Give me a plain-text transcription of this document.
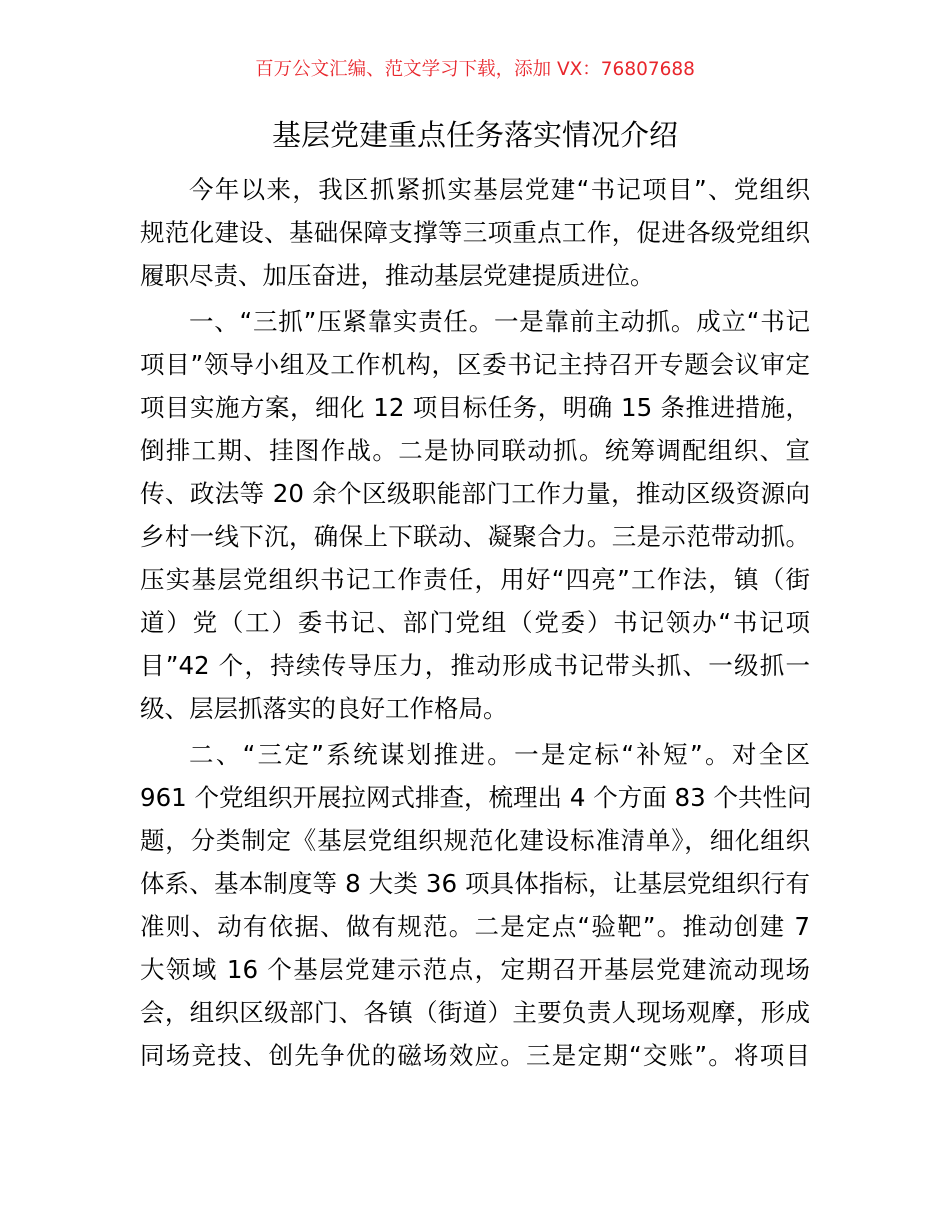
百万公文汇编、范文学习下载，添加 VX：76807688
基层党建重点任务落实情况介绍
今年以来，我区抓紧抓实基层党建“书记项目”、党组织
规范化建设、基础保障支撑等三项重点工作，促进各级党组织
履职尽责、加压奋进，推动基层党建提质进位。
一、“三抓”压紧靠实责任。一是靠前主动抓。成立“书记
项目”领导小组及工作机构，区委书记主持召开专题会议审定
项目实施方案，细化 12 项目标任务，明确 15 条推进措施，
倒排工期、挂图作战。二是协同联动抓。统筹调配组织、宣
传、政法等 20 余个区级职能部门工作力量，推动区级资源向
乡村一线下沉，确保上下联动、凝聚合力。三是示范带动抓。
压实基层党组织书记工作责任，用好“四亮”工作法，镇（街
道）党（工）委书记、部门党组（党委）书记领办“书记项
目”42 个，持续传导压力，推动形成书记带头抓、一级抓一
级、层层抓落实的良好工作格局。
二、“三定”系统谋划推进。一是定标“补短”。对全区
961 个党组织开展拉网式排查，梳理出 4 个方面 83 个共性问
题，分类制定《基层党组织规范化建设标准清单》，细化组织
体系、基本制度等 8 大类 36 项具体指标，让基层党组织行有
准则、动有依据、做有规范。二是定点“验靶”。推动创建 7
大领域 16 个基层党建示范点，定期召开基层党建流动现场
会，组织区级部门、各镇（街道）主要负责人现场观摩，形成
同场竞技、创先争优的磁场效应。三是定期“交账”。将项目
